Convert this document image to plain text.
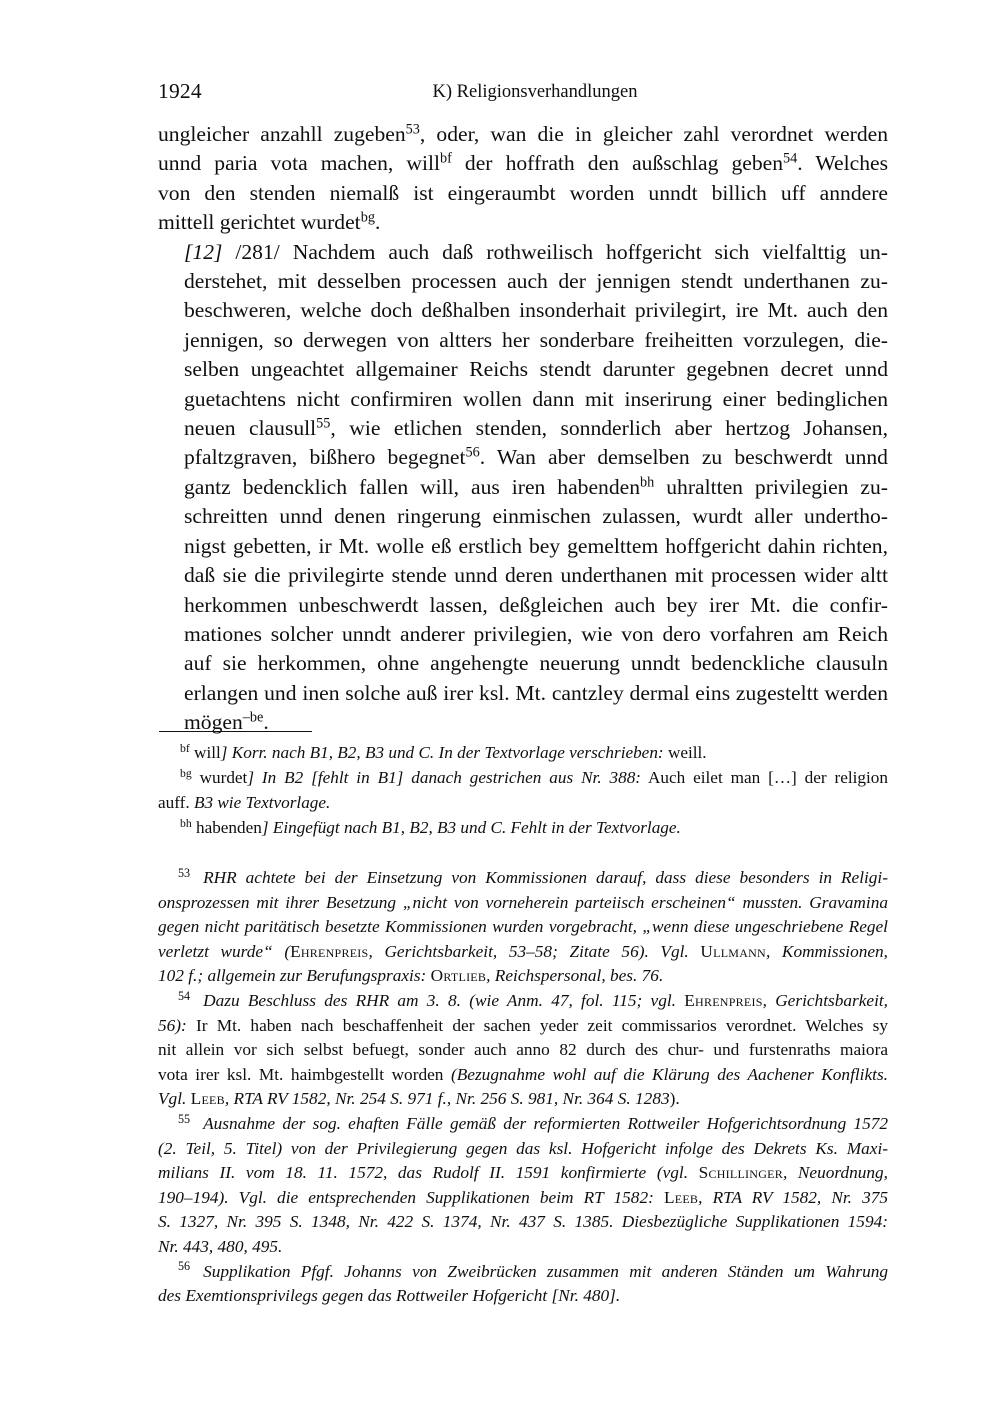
1924	K) Religionsverhandlungen

ungleicher anzahll zugeben$^{53}$, oder, wan die in gleicher zahl verordnet werden
unnd paria vota machen, will$^{bf}$ der hoffrath den außschlag geben$^{54}$. Welches
von den stenden niemalß ist eingeraumbt worden unndt billich uff anndere
mittell gerichtet wurdet$^{bg}$.

[12] /281/ Nachdem auch daß rothweilisch hoffgericht sich vielfalttig un-
derstehet, mit desselben processen auch der jennigen stendt underthanen zu-
beschweren, welche doch deßhalben insonderhait privilegirt, ire Mt. auch den
jennigen, so derwegen von altters her sonderbare freiheitten vorzulegen, die-
selben ungeachtet allgemainer Reichs stendt darunter gegebnen decret unnd
guetachtens nicht confirmiren wollen dann mit inserirung einer bedinglichen
neuen clausull$^{55}$, wie etlichen stenden, sonnderlich aber hertzog Johansen,
pfaltzgraven, bißhero begegnet$^{56}$. Wan aber demselben zu beschwerdt unnd
gantz bedencklich fallen will, aus iren habenden$^{bh}$ uhraltten privilegien zu-
schreitten unnd denen ringerung einmischen zulassen, wurdt aller undertho-
nigst gebetten, ir Mt. wolle eß erstlich bey gemelttem hoffgericht dahin richten,
daß sie die privilegirte stende unnd deren underthanen mit processen wider altt
herkommen unbeschwerdt lassen, deßgleichen auch bey irer Mt. die confir-
mationes solcher unndt anderer privilegien, wie von dero vorfahren am Reich
auf sie herkommen, ohne angehengte neuerung unndt bedenckliche clausuln
erlangen und inen solche auß irer ksl. Mt. cantzley dermal eins zugesteltt werden
mögen$^{-be}$.

$^{bf}$ will] Korr. nach B1, B2, B3 und C. In der Textvorlage verschrieben: weill.

$^{bg}$ wurdet] In B2 [fehlt in B1] danach gestrichen aus Nr. 388: Auch eilet man […] der religion
auff. B3 wie Textvorlage.

$^{bh}$ habenden] Eingefügt nach B1, B2, B3 und C. Fehlt in der Textvorlage.

$^{53}$ RHR achtete bei der Einsetzung von Kommissionen darauf, dass diese besonders in Religi-
onsprozessen mit ihrer Besetzung „nicht von vorneherein parteiisch erscheinen“ mussten. Gravamina
gegen nicht paritätisch besetzte Kommissionen wurden vorgebracht, „wenn diese ungeschriebene Regel
verletzt wurde“ (Ehrenpreis, Gerichtsbarkeit, 53–58; Zitate 56). Vgl. Ullmann, Kommissionen,
102 f.; allgemein zur Berufungspraxis: Ortlieb, Reichspersonal, bes. 76.

$^{54}$ Dazu Beschluss des RHR am 3. 8. (wie Anm. 47, fol. 115; vgl. Ehrenpreis, Gerichtsbarkeit,
56): Ir Mt. haben nach beschaffenheit der sachen yeder zeit commissarios verordnet. Welches sy
nit allein vor sich selbst befuegt, sonder auch anno 82 durch des chur- und furstenraths maiora
vota irer ksl. Mt. haimbgestellt worden (Bezugnahme wohl auf die Klärung des Aachener Konflikts.
Vgl. Leeb, RTA RV 1582, Nr. 254 S. 971 f., Nr. 256 S. 981, Nr. 364 S. 1283).

$^{55}$ Ausnahme der sog. ehaften Fälle gemäß der reformierten Rottweiler Hofgerichtsordnung 1572
(2. Teil, 5. Titel) von der Privilegierung gegen das ksl. Hofgericht infolge des Dekrets Ks. Maxi-
milians II. vom 18. 11. 1572, das Rudolf II. 1591 konfirmierte (vgl. Schillinger, Neuordnung,
190–194). Vgl. die entsprechenden Supplikationen beim RT 1582: Leeb, RTA RV 1582, Nr. 375
S. 1327, Nr. 395 S. 1348, Nr. 422 S. 1374, Nr. 437 S. 1385. Diesbezügliche Supplikationen 1594:
Nr. 443, 480, 495.

$^{56}$ Supplikation Pfgf. Johanns von Zweibrücken zusammen mit anderen Ständen um Wahrung
des Exemtionsprivilegs gegen das Rottweiler Hofgericht [Nr. 480].
